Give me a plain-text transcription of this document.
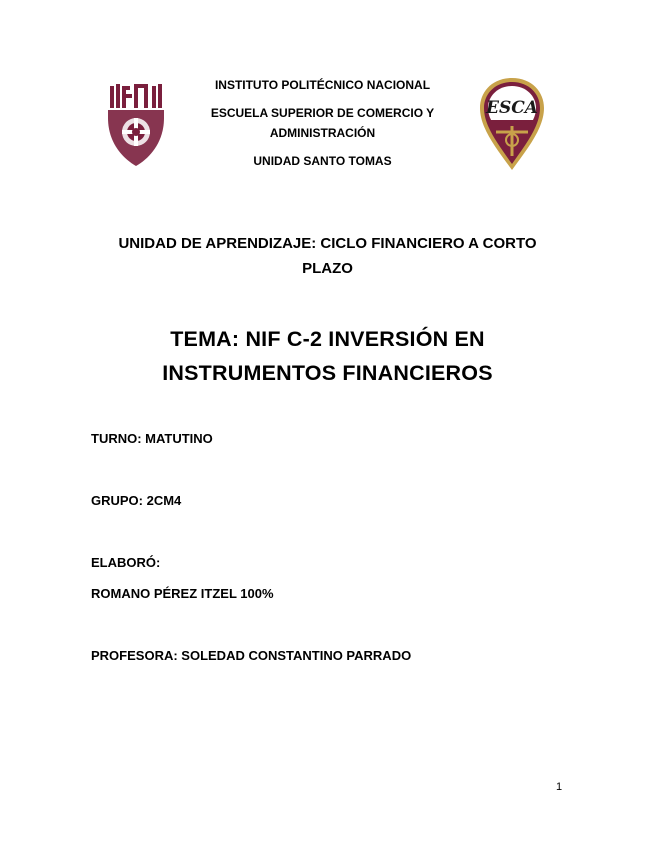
ESCA
INSTITUTO POLITÉCNICO NACIONAL
ESCUELA SUPERIOR DE COMERCIO Y
ADMINISTRACIÓN
UNIDAD SANTO TOMAS
UNIDAD DE APRENDIZAJE: CICLO FINANCIERO A CORTO
PLAZO
TEMA: NIF C-2 INVERSIÓN EN
INSTRUMENTOS FINANCIEROS
TURNO: MATUTINO
GRUPO: 2CM4
ELABORÓ:
ROMANO PÉREZ ITZEL 100%
PROFESORA: SOLEDAD CONSTANTINO PARRADO
1
